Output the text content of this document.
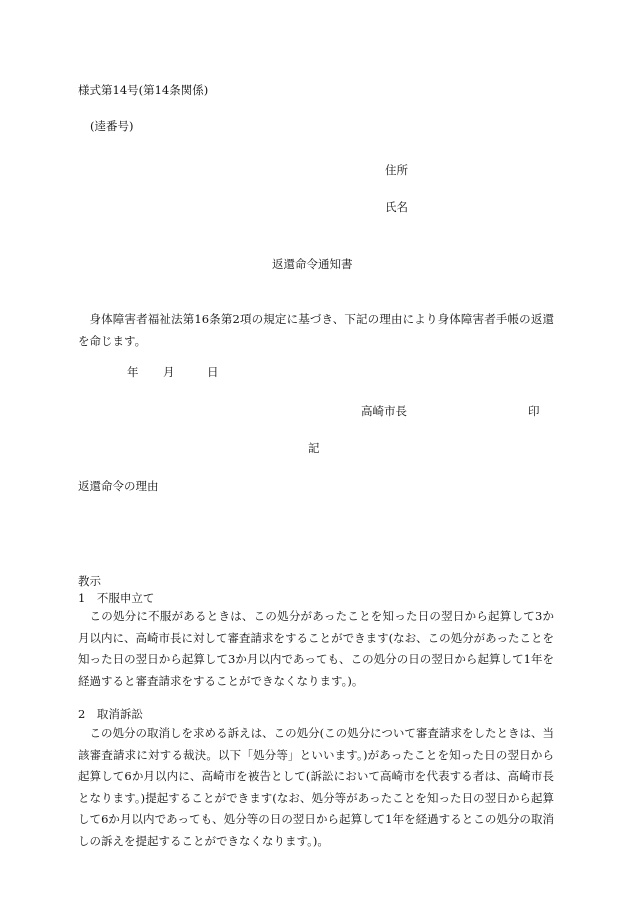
様式第14号(第14条関係)
(逵番号)
住所
氏名
返還命令通知書
身体障害者福祉法第16条第2項の規定に基づき、下記の理由により身体障害者手帳の返還を命じます。
年 月	日
高崎市長	印
記
返還命令の理由
教示
1　不服申立て
この処分に不服があるときは、この処分があったことを知った日の翌日から起算して3か月以内に、高崎市長に対して審査請求をすることができます(なお、この処分があったことを知った日の翌日から起算して3か月以内であっても、この処分の日の翌日から起算して1年を経過すると審査請求をすることができなくなります。)。
2　取消訴訟
この処分の取消しを求める訴えは、この処分(この処分について審査請求をしたときは、当該審査請求に対する裁決。以下「処分等」といいます。)があったことを知った日の翌日から起算して6か月以内に、高崎市を被告として(訴訟において高崎市を代表する者は、高崎市長となります。)提起することができます(なお、処分等があったことを知った日の翌日から起算して6か月以内であっても、処分等の日の翌日から起算して1年を経過するとこの処分の取消しの訴えを提起することができなくなります。)。
